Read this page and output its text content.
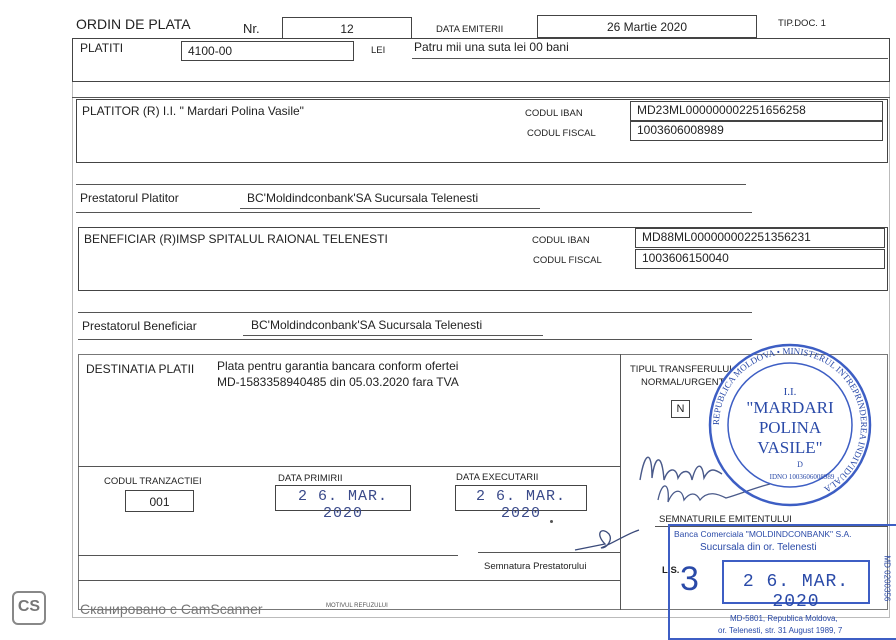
ORDIN DE PLATA	Nr.	12	DATA EMITERII	26 Martie 2020	TIP.DOC. 1
PLATITI	4100-00	LEI Patru mii una suta lei 00 bani
PLATITOR (R) I.I. " Mardari Polina Vasile"	CODUL IBAN	MD23ML000000002251656258
CODUL FISCAL	1003606008989
Prestatorul Platitor	BC'Moldindconbank'SA Sucursala Telenesti
BENEFICIAR (R)IMSP SPITALUL RAIONAL TELENESTI	CODUL IBAN	MD88ML000000002251356231
CODUL FISCAL	1003606150040
Prestatorul Beneficiar	BC'Moldindconbank'SA Sucursala Telenesti
DESTINATIA PLATII Plata pentru garantia bancara conform ofertei
MD-1583358940485 din 05.03.2020 fara TVA
TIPUL TRANSFERULUI
NORMAL/URGENT
N
CODUL TRANZACTIEI
001
DATA PRIMIRII
2 6. MAR. 2020
DATA EXECUTARII
2 6. MAR. 2020
Semnatura Prestatorului
MOTIVUL REFUZULUI
SEMNATURILE EMITENTULUI
L.S.
REPUBLICA MOLDOVA • MINISTERUL INTREPRINDEREA INDIVIDUALA
I.I.
"MARDARI
POLINA
VASILE"
D
IDNO 1003606008989
Banca Comerciala "MOLDINDCONBANK" S.A.
Sucursala din or. Telenesti
3	2 6. MAR. 2020
MD-5801, Republica Moldova,
or. Telenesti, str. 31 August 1989, 7
MD 0200356
CS	Сканировано с CamScanner
